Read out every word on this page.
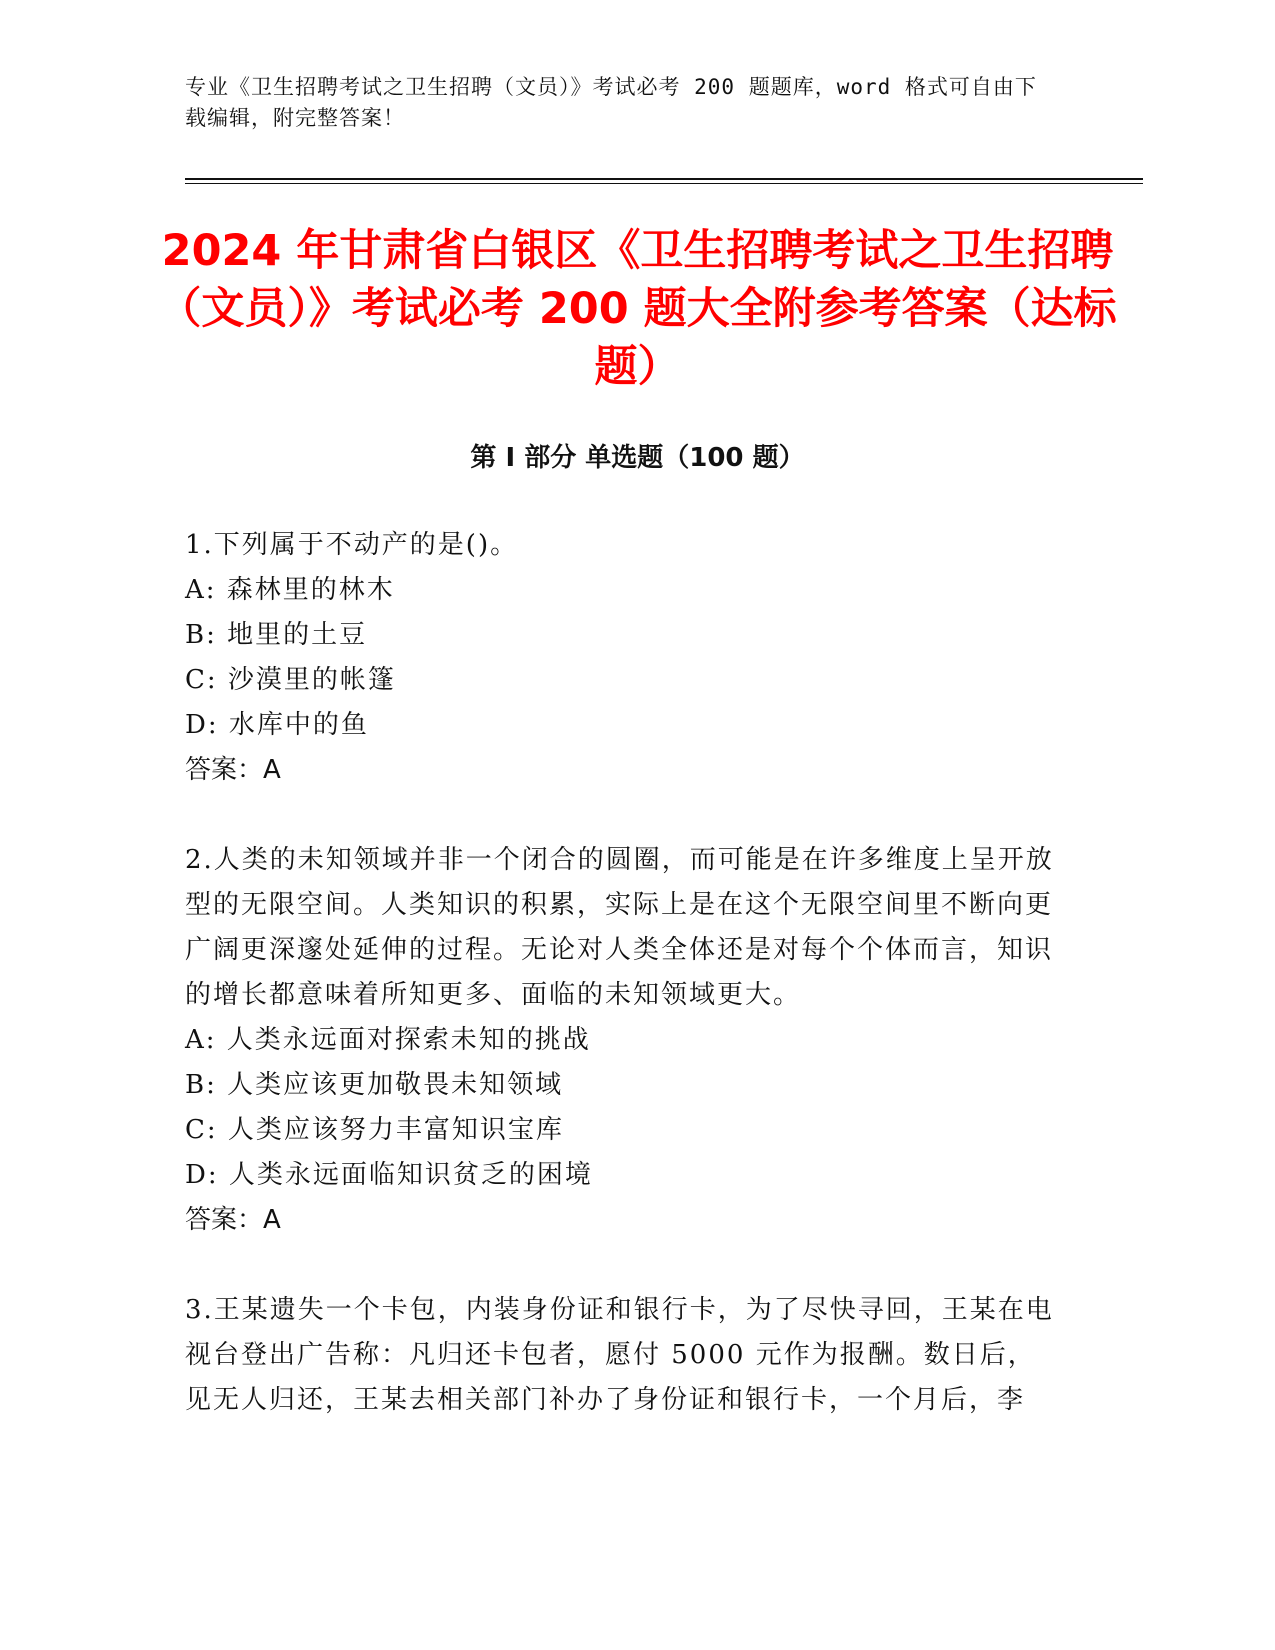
专业《卫生招聘考试之卫生招聘（文员）》考试必考 200 题题库，word 格式可自由下载编辑，附完整答案！
2024 年甘肃省白银区《卫生招聘考试之卫生招聘（文员）》考试必考 200 题大全附参考答案（达标题）
第 I 部分 单选题（100 题）

1.下列属于不动产的是()。

A: 森林里的林木

B: 地里的土豆

C: 沙漠里的帐篷

D: 水库中的鱼

答案：A

2.人类的未知领域并非一个闭合的圆圈，而可能是在许多维度上呈开放型的无限空间。人类知识的积累，实际上是在这个无限空间里不断向更广阔更深邃处延伸的过程。无论对人类全体还是对每个个体而言，知识的增长都意味着所知更多、面临的未知领域更大。

A: 人类永远面对探索未知的挑战

B: 人类应该更加敬畏未知领域

C: 人类应该努力丰富知识宝库

D: 人类永远面临知识贫乏的困境

答案：A

3.王某遗失一个卡包，内装身份证和银行卡，为了尽快寻回，王某在电视台登出广告称：凡归还卡包者，愿付 5000 元作为报酬。数日后，见无人归还，王某去相关部门补办了身份证和银行卡，一个月后，李
